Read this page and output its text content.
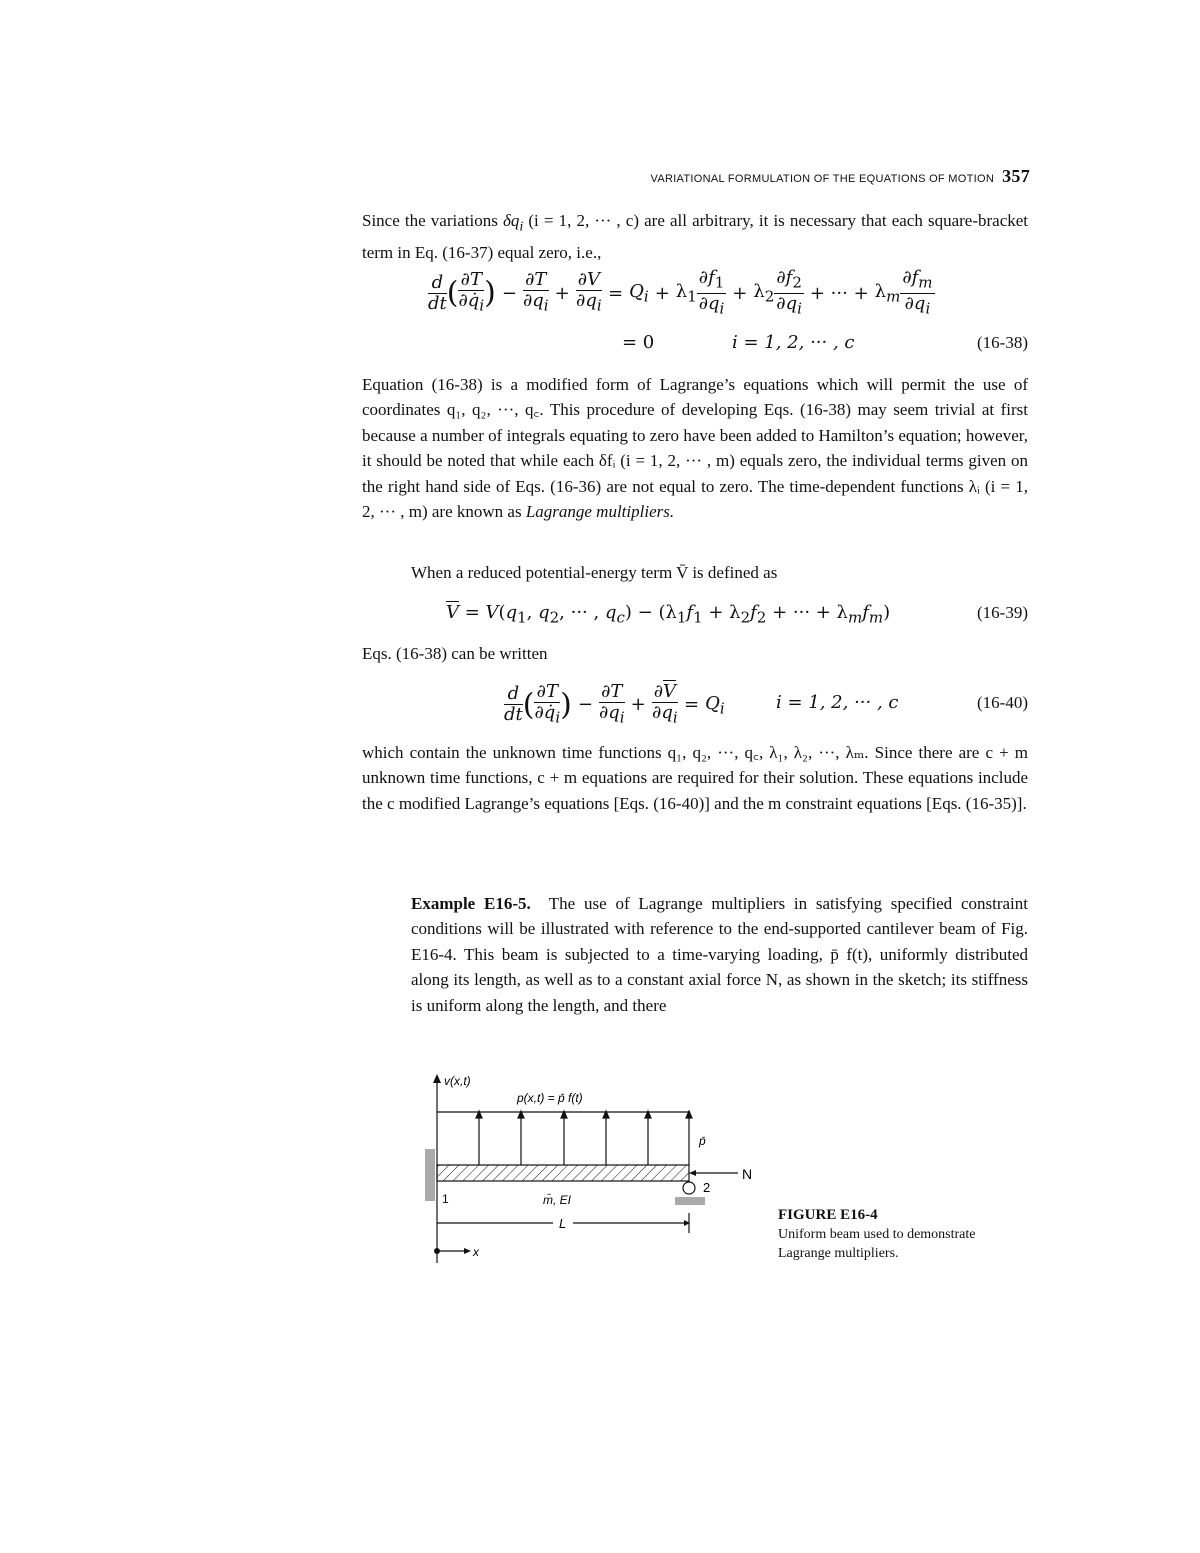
VARIATIONAL FORMULATION OF THE EQUATIONS OF MOTION 357
Since the variations $\delta q_i$ (i = 1, 2, ··· , c) are all arbitrary, it is necessary that each square-bracket term in Eq. (16-37) equal zero, i.e.,
$\frac{d}{dt}$ ( $\frac{\partial T}{\partial q̇_i}$ ) − $\frac{\partial T}{\partial q_i} + \frac{\partial V}{\partial q_i} = Q_i + \lambda_1 \frac{\partial f_1}{\partial q_i} + \lambda_2 \frac{\partial f_2}{\partial q_i}$ + ··· + $\lambda_m \frac{\partial f_m}{\partial q_i}$
= 0	i = 1, 2, ··· , c	(16-38)
Equation (16-38) is a modified form of Lagrange’s equations which will permit the use of coordinates q₁, q₂, ···, q꜀. This procedure of developing Eqs. (16-38) may seem trivial at first because a number of integrals equating to zero have been added to Hamilton’s equation; however, it should be noted that while each δfᵢ (i = 1, 2, ··· , m) equals zero, the individual terms given on the right hand side of Eqs. (16-36) are not equal to zero. The time-dependent functions λᵢ (i = 1, 2, ··· , m) are known as Lagrange multipliers.
When a reduced potential-energy term V̄ is defined as
$\overline{V} = V(q_1$, $q_2$, ··· , $q_c) - (\lambda_1f_1 + \lambda_2f_2$ + ··· + $\lambda_mf_m$)	(16-39)
Eqs. (16-38) can be written
$\frac{d}{dt}$ ( $\frac{\partial T}{\partial q̇_i}$ ) − $\frac{\partial T}{\partial q_i} + \frac{\partial\overline{V}}{\partial q_i} = Q_i$	i = 1, 2, ··· , c	(16-40)
which contain the unknown time functions q₁, q₂, ···, q꜀, λ₁, λ₂, ···, λₘ. Since there are c + m unknown time functions, c + m equations are required for their solution. These equations include the c modified Lagrange’s equations [Eqs. (16-40)] and the m constraint equations [Eqs. (16-35)].
Example E16-5. The use of Lagrange multipliers in satisfying specified constraint conditions will be illustrated with reference to the end-supported cantilever beam of Fig. E16-4. This beam is subjected to a time-varying loading, p̄ f(t), uniformly distributed along its length, as well as to a constant axial force N, as shown in the sketch; its stiffness is uniform along the length, and there
v(x,t)
p(x,t) = p̄ f(t)
p̄
N
1
2
m̄, EI
L
x
FIGURE E16-4
Uniform beam used to demonstrate Lagrange multipliers.
